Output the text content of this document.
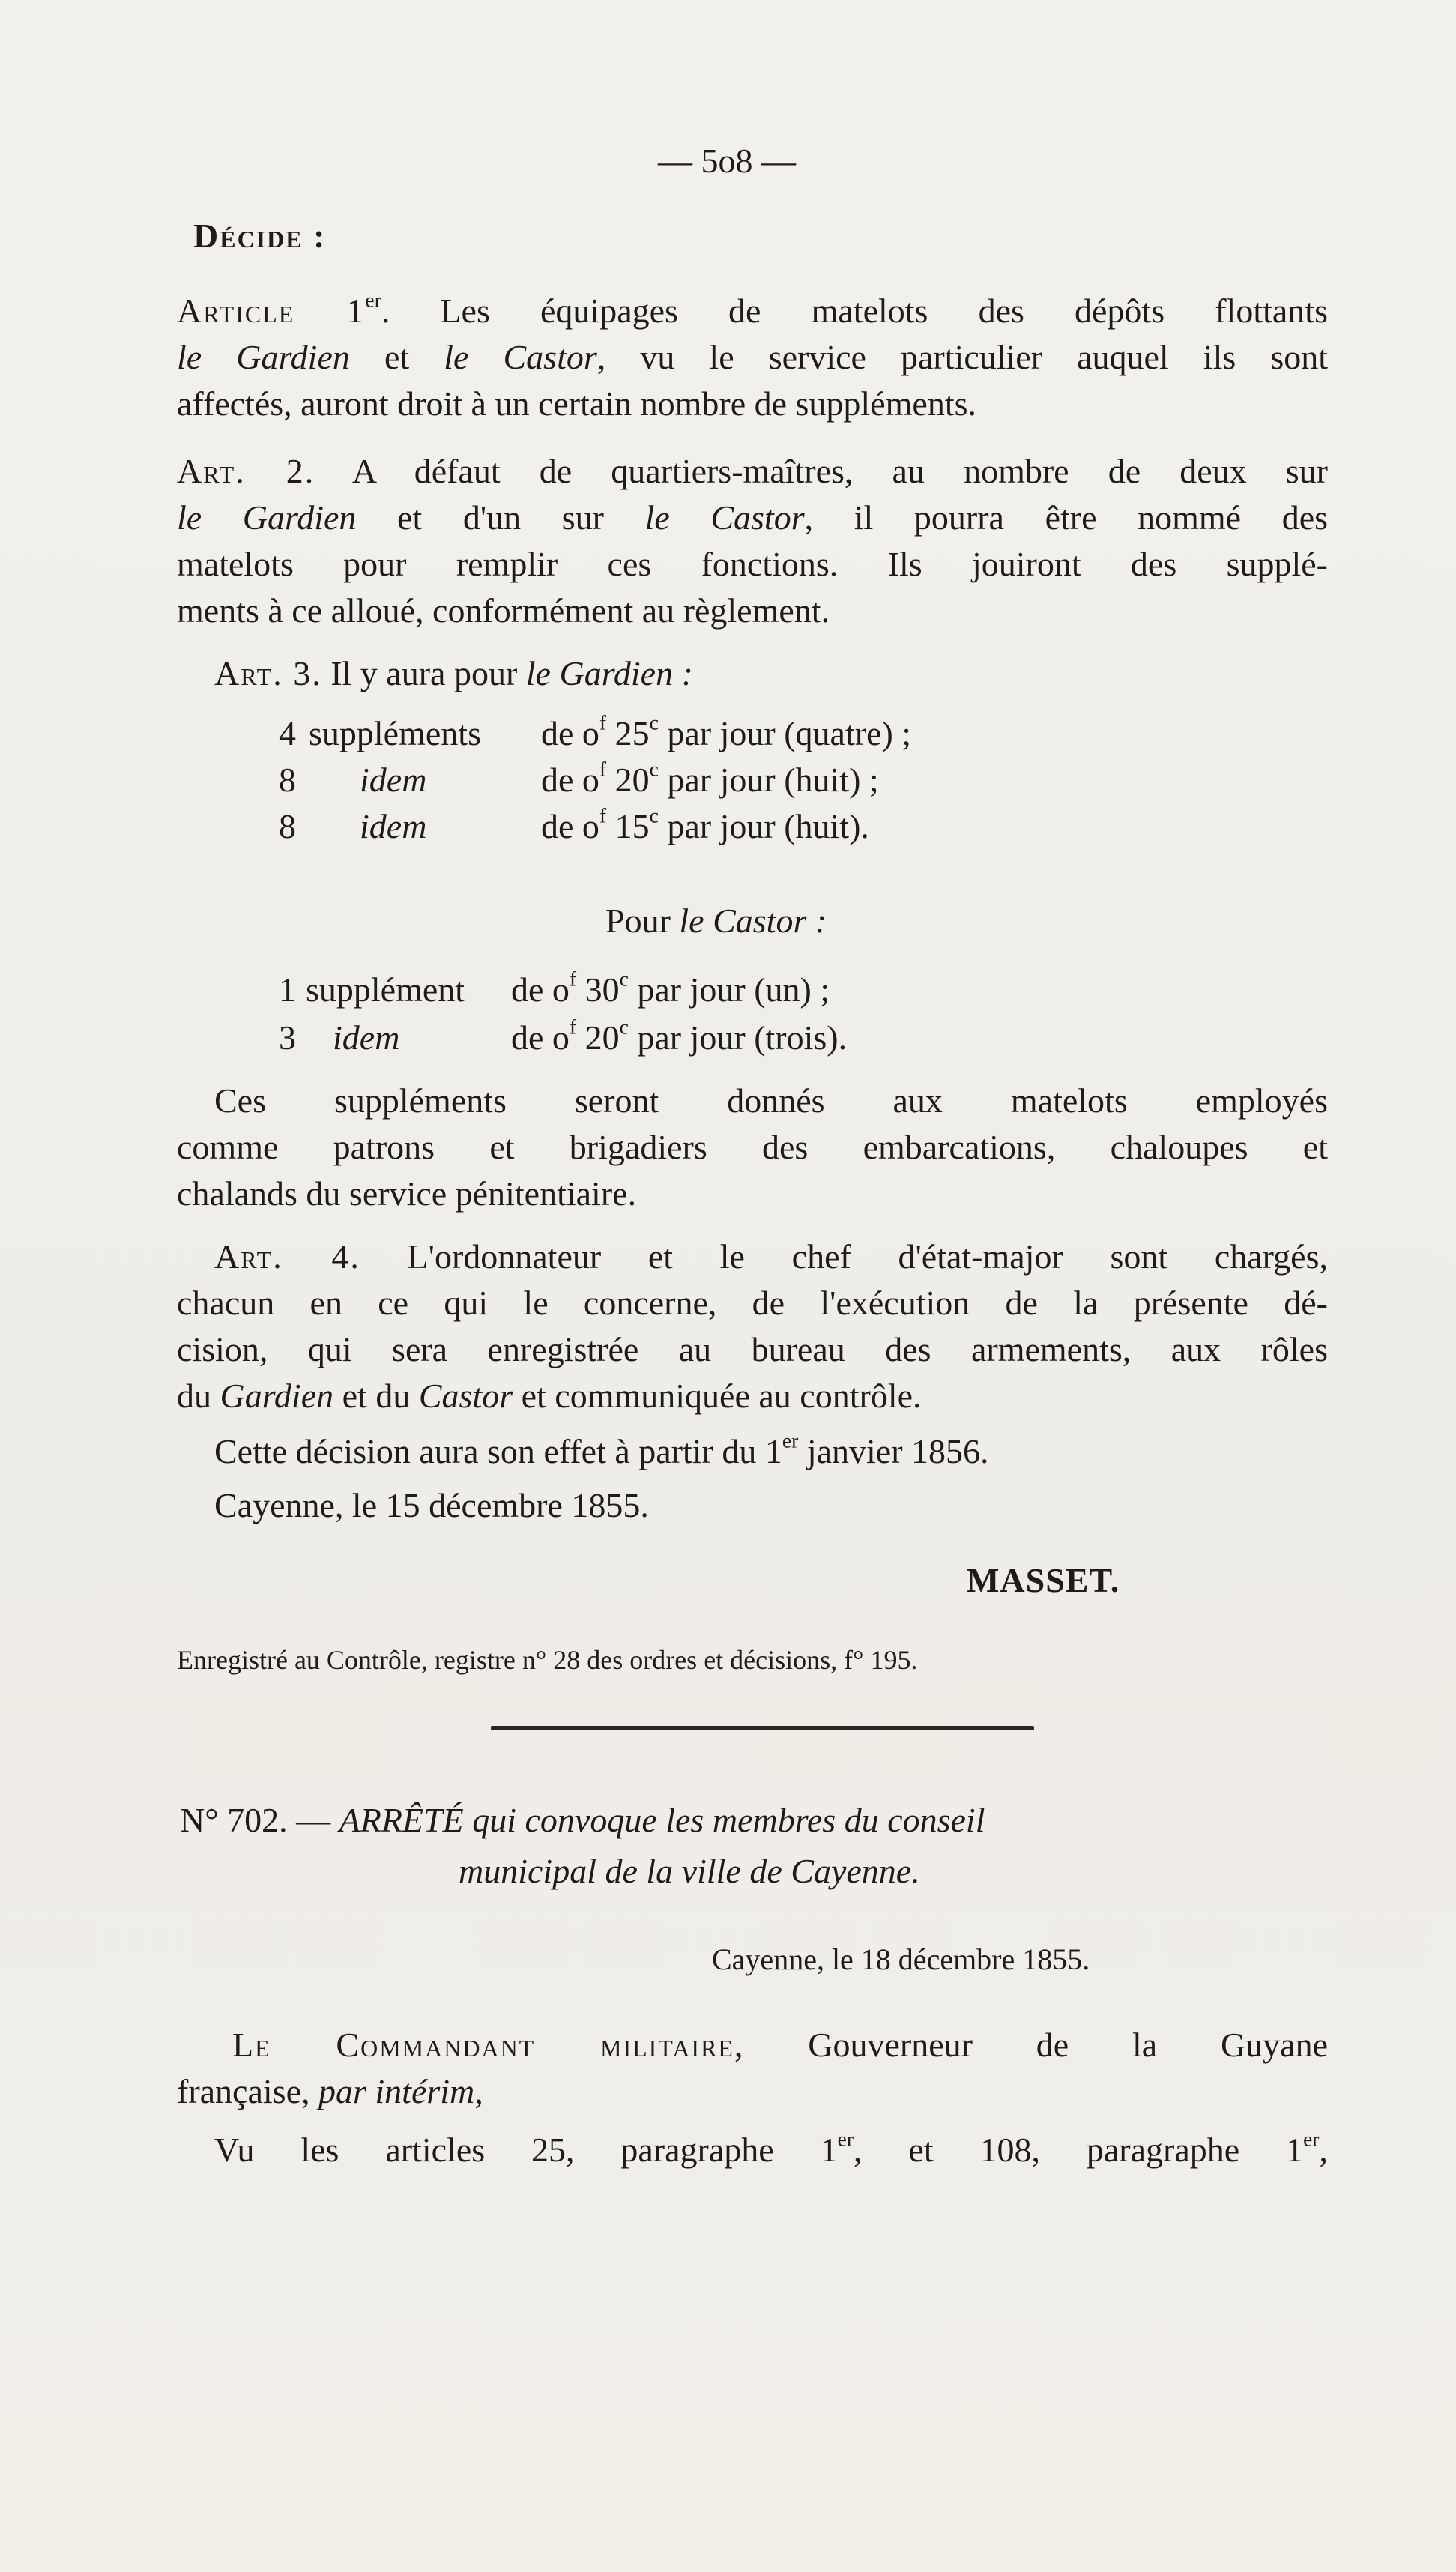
— 5o8 —
Décide :
Article 1er. Les équipages de matelots des dépôts flottants
le Gardien et le Castor, vu le service particulier auquel ils sont
affectés, auront droit à un certain nombre de suppléments.
Art. 2. A défaut de quartiers-maîtres, au nombre de deux sur
le Gardien et d'un sur le Castor, il pourra être nommé des
matelots pour remplir ces fonctions. Ils jouiront des supplé-
ments à ce alloué, conformément au règlement.
Art. 3. Il y aura pour le Gardien :
4 suppléments de $o^f$ 25$^c$ par jour (quatre) ;
8 idem	de $o^f$ 20$^c$ par jour (huit) ;
8 idem	de $o^f$ 15$^c$ par jour (huit).
Pour le Castor :
1 supplément de $o^f$ 30$^c$ par jour (un) ;
3 idem	de $o^f$ 20$^c$ par jour (trois).
Ces suppléments seront donnés aux matelots employés
comme patrons et brigadiers des embarcations, chaloupes et
chalands du service pénitentiaire.
Art. 4. L'ordonnateur et le chef d'état-major sont chargés,
chacun en ce qui le concerne, de l'exécution de la présente dé-
cision, qui sera enregistrée au bureau des armements, aux rôles
du Gardien et du Castor et communiquée au contrôle.
Cette décision aura son effet à partir du 1er janvier 1856.
Cayenne, le 15 décembre 1855.
MASSET.
Enregistré au Contrôle, registre n° 28 des ordres et décisions, f° 195.
N° 702. — ARRÊTÉ qui convoque les membres du conseil
municipal de la ville de Cayenne.
Cayenne, le 18 décembre 1855.
Le Commandant militaire, Gouverneur de la Guyane
française, par intérim,
Vu les articles 25, paragraphe 1er, et 108, paragraphe 1er,
